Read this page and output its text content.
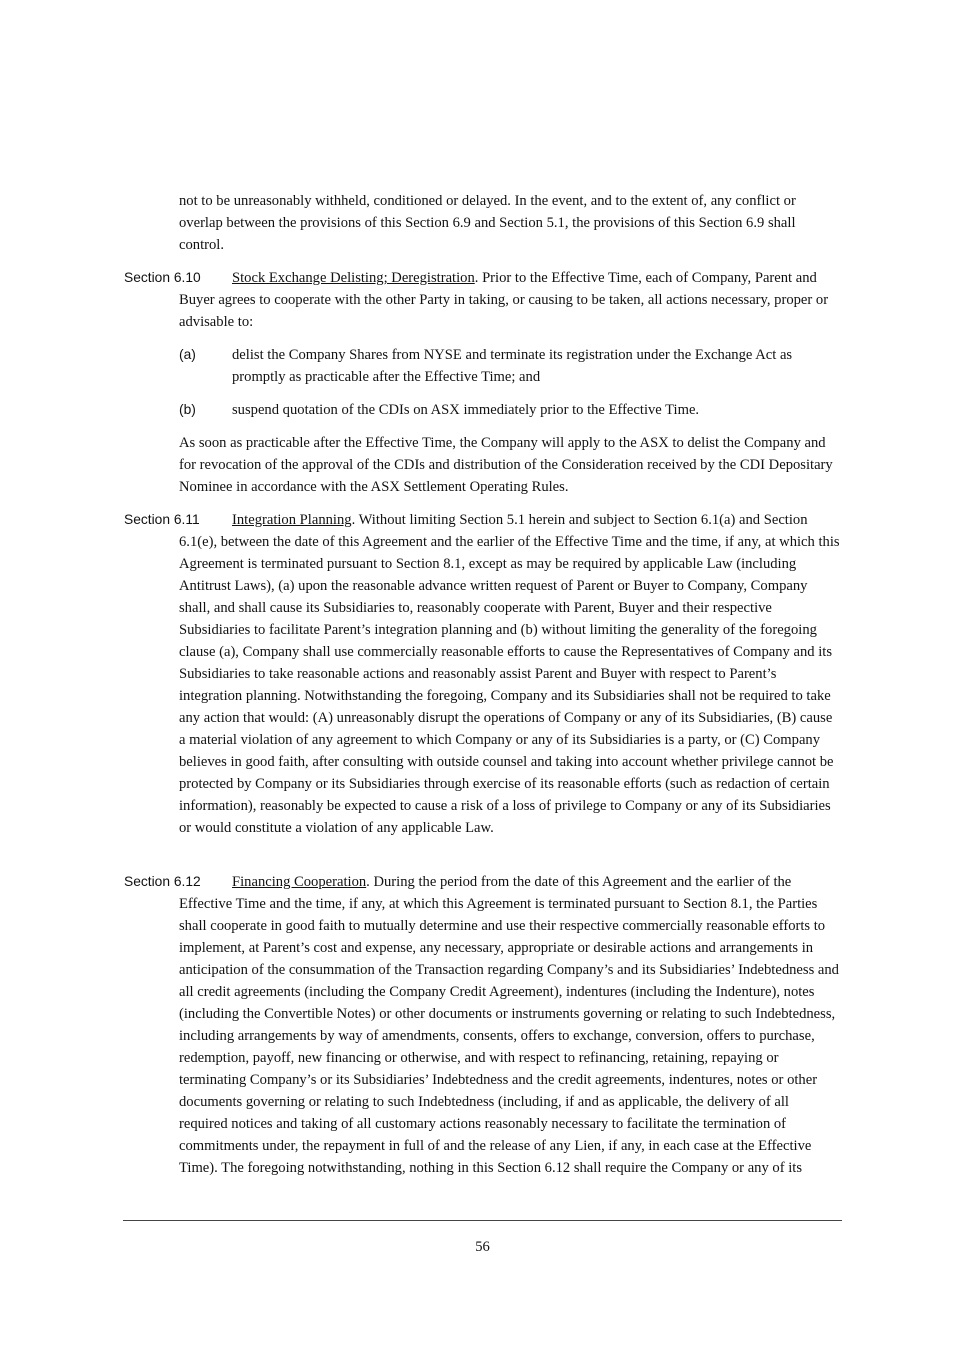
not to be unreasonably withheld, conditioned or delayed. In the event, and to the extent of, any conflict or overlap between the provisions of this Section 6.9 and Section 5.1, the provisions of this Section 6.9 shall control.

Section 6.10	Stock Exchange Delisting; Deregistration. Prior to the Effective Time, each of Company, Parent and Buyer agrees to cooperate with the other Party in taking, or causing to be taken, all actions necessary, proper or advisable to:

(a) delist the Company Shares from NYSE and terminate its registration under the Exchange Act as promptly as practicable after the Effective Time; and

(b) suspend quotation of the CDIs on ASX immediately prior to the Effective Time.

As soon as practicable after the Effective Time, the Company will apply to the ASX to delist the Company and for revocation of the approval of the CDIs and distribution of the Consideration received by the CDI Depositary Nominee in accordance with the ASX Settlement Operating Rules.

Section 6.11	Integration Planning. Without limiting Section 5.1 herein and subject to Section 6.1(a) and Section 6.1(e), between the date of this Agreement and the earlier of the Effective Time and the time, if any, at which this Agreement is terminated pursuant to Section 8.1, except as may be required by applicable Law (including Antitrust Laws), (a) upon the reasonable advance written request of Parent or Buyer to Company, Company shall, and shall cause its Subsidiaries to, reasonably cooperate with Parent, Buyer and their respective Subsidiaries to facilitate Parent’s integration planning and (b) without limiting the generality of the foregoing clause (a), Company shall use commercially reasonable efforts to cause the Representatives of Company and its Subsidiaries to take reasonable actions and reasonably assist Parent and Buyer with respect to Parent’s integration planning. Notwithstanding the foregoing, Company and its Subsidiaries shall not be required to take any action that would: (A) unreasonably disrupt the operations of Company or any of its Subsidiaries, (B) cause a material violation of any agreement to which Company or any of its Subsidiaries is a party, or (C) Company believes in good faith, after consulting with outside counsel and taking into account whether privilege cannot be protected by Company or its Subsidiaries through exercise of its reasonable efforts (such as redaction of certain information), reasonably be expected to cause a risk of a loss of privilege to Company or any of its Subsidiaries or would constitute a violation of any applicable Law.

Section 6.12	Financing Cooperation. During the period from the date of this Agreement and the earlier of the Effective Time and the time, if any, at which this Agreement is terminated pursuant to Section 8.1, the Parties shall cooperate in good faith to mutually determine and use their respective commercially reasonable efforts to implement, at Parent’s cost and expense, any necessary, appropriate or desirable actions and arrangements in anticipation of the consummation of the Transaction regarding Company’s and its Subsidiaries’ Indebtedness and all credit agreements (including the Company Credit Agreement), indentures (including the Indenture), notes (including the Convertible Notes) or other documents or instruments governing or relating to such Indebtedness, including arrangements by way of amendments, consents, offers to exchange, conversion, offers to purchase, redemption, payoff, new financing or otherwise, and with respect to refinancing, retaining, repaying or terminating Company’s or its Subsidiaries’ Indebtedness and the credit agreements, indentures, notes or other documents governing or relating to such Indebtedness (including, if and as applicable, the delivery of all required notices and taking of all customary actions reasonably necessary to facilitate the termination of commitments under, the repayment in full of and the release of any Lien, if any, in each case at the Effective Time). The foregoing notwithstanding, nothing in this Section 6.12 shall require the Company or any of its

56
